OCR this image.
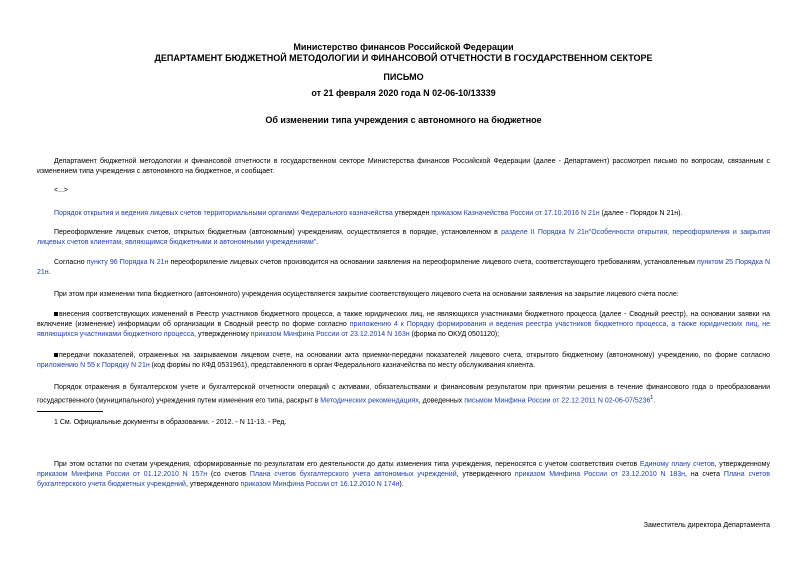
Министерство финансов Российской Федерации
ДЕПАРТАМЕНТ БЮДЖЕТНОЙ МЕТОДОЛОГИИ И ФИНАНСОВОЙ ОТЧЕТНОСТИ В ГОСУДАРСТВЕННОМ СЕКТОРЕ
ПИСЬМО
от 21 февраля 2020 года N 02-06-10/13339
Об изменении типа учреждения с автономного на бюджетное
Департамент бюджетной методологии и финансовой отчетности в государственном секторе Министерства финансов Российской Федерации (далее - Департамент) рассмотрел письмо по вопросам, связанным с изменением типа учреждения с автономного на бюджетное, и сообщает.
<...>
Порядок открытия и ведения лицевых счетов территориальными органами Федерального казначейства утвержден приказом Казначейства России от 17.10.2016 N 21н (далее - Порядок N 21н).
Переоформление лицевых счетов, открытых бюджетным (автономным) учреждениям, осуществляется в порядке, установленном в разделе II Порядка N 21н"Особенности открытия, переоформления и закрытия лицевых счетов клиентам, являющимся бюджетными и автономными учреждениями".
Согласно пункту 96 Порядка N 21н переоформление лицевых счетов производится на основании заявления на переоформление лицевого счета, соответствующего требованиям, установленным пунктом 25 Порядка N 21н.
При этом при изменении типа бюджетного (автономного) учреждения осуществляется закрытие соответствующего лицевого счета на основании заявления на закрытие лицевого счета после:
внесения соответствующих изменений в Реестр участников бюджетного процесса, а также юридических лиц, не являющихся участниками бюджетного процесса (далее - Сводный реестр), на основании заявки на включение (изменение) информации об организации в Сводный реестр по форме согласно приложению 4 к Порядку формирования и ведения реестра участников бюджетного процесса, а также юридических лиц, не являющихся участниками бюджетного процесса, утвержденному приказом Минфина России от 23.12.2014 N 163н (форма по ОКУД 0501120);
передачи показателей, отраженных на закрываемом лицевом счете, на основании акта приемки-передачи показателей лицевого счета, открытого бюджетному (автономному) учреждению, по форме согласно приложению N 55 к Порядку N 21н (код формы по КФД 0531961), представленного в орган Федерального казначейства по месту обслуживания клиента.
Порядок отражения в бухгалтерском учете и бухгалтерской отчетности операций с активами, обязательствами и финансовым результатом при принятии решения в течение финансового года о преобразовании государственного (муниципального) учреждения путем изменения его типа, раскрыт в Методических рекомендациях, доведенных письмом Минфина России от 22.12.2011 N 02-06-07/5236$^1$.
1 См. Официальные документы в образовании. - 2012. - N 11-13. - Ред.
При этом остатки по счетам учреждения, сформированные по результатам его деятельности до даты изменения типа учреждения, переносятся с учетом соответствия счетов Единому плану счетов, утвержденному приказом Минфина России от 01.12.2010 N 157н (со счетов Плана счетов бухгалтерского учета автономных учреждений, утвержденного приказом Минфина России от 23.12.2010 N 183н, на счета Плана счетов бухгалтерского учета бюджетных учреждений, утвержденного приказом Минфина России от 16.12.2010 N 174н).
Заместитель директора Департамента
